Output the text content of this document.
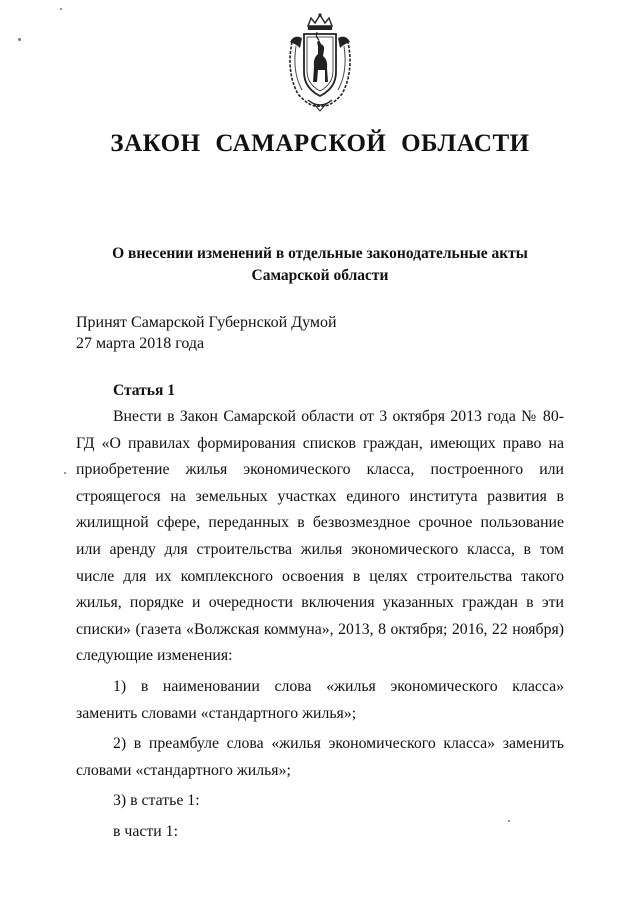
ЗАКОН САМАРСКОЙ ОБЛАСТИ
О внесении изменений в отдельные законодательные акты
Самарской области
Принят Самарской Губернской Думой
27 марта 2018 года
Статья 1

Внести в Закон Самарской области от 3 октября 2013 года № 80-ГД «О правилах формирования списков граждан, имеющих право на приобретение жилья экономического класса, построенного или строящегося на земельных участках единого института развития в жилищной сфере, переданных в безвозмездное срочное пользование или аренду для строительства жилья экономического класса, в том числе для их комплексного освоения в целях строительства такого жилья, порядке и очередности включения указанных граждан в эти списки» (газета «Волжская коммуна», 2013, 8 октября; 2016, 22 ноября) следующие изменения:

1) в наименовании слова «жилья экономического класса» заменить словами «стандартного жилья»;

2) в преамбуле слова «жилья экономического класса» заменить словами «стандартного жилья»;

3) в статье 1:

в части 1:
